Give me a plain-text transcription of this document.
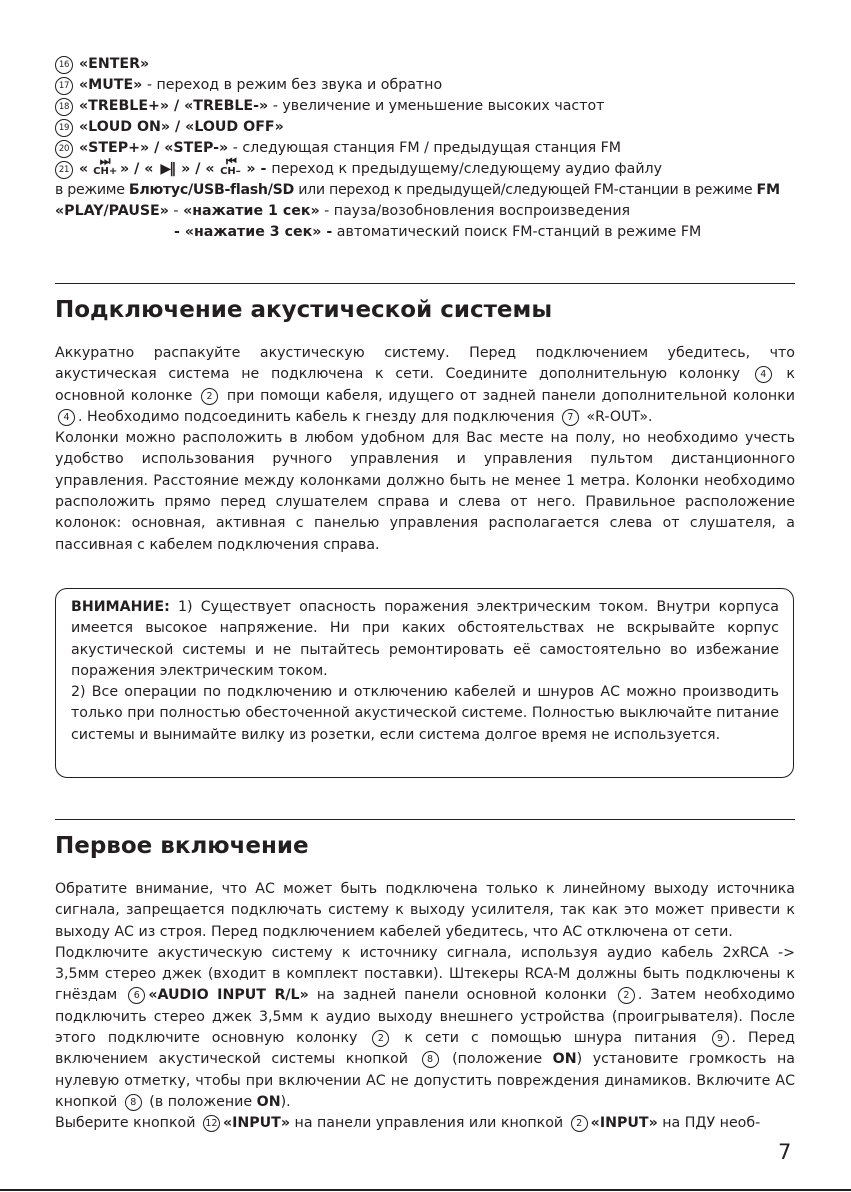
16 «ENTER»
17 «MUTE» - переход в режим без звука и обратно
18 «TREBLE+» / «TREBLE-» - увеличение и уменьшение высоких частот
19 «LOUD ON» / «LOUD OFF»
20 «STEP+» / «STEP-» - следующая станция FM / предыдущая станция FM
21 « ⏭
CH+
» / « ▶‖ » / « ⏮
CH– » - переход к предыдущему/следующему аудио файлу
в режиме Блютус/USB-flash/SD или переход к предыдущей/следующей FM-станции в режиме FM
«PLAY/PAUSE» - «нажатие 1 сек» - пауза/возобновления воспроизведения
- «нажатие 3 сек» - автоматический поиск FM-станций в режиме FM
Подключение акустической системы

Аккуратно распакуйте акустическую систему. Перед подключением убедитесь, что акустическая система не подключена к сети. Соедините дополнительную колонку 4 к основной колонке 2 при помощи кабеля, идущего от задней панели дополнительной колонки 4 . Необходимо подсоединить кабель к гнезду для подключения 7 «R-OUT».

Колонки можно расположить в любом удобном для Вас месте на полу, но необходимо учесть удобство использования ручного управления и управления пультом дистанционного управления. Расстояние между колонками должно быть не менее 1 метра. Колонки необходимо расположить прямо перед слушателем справа и слева от него. Правильное расположение колонок: основная, активная с панелью управления располагается слева от слушателя, а пассивная с кабелем подключения справа.

ВНИМАНИЕ: 1) Существует опасность поражения электрическим током. Внутри корпуса имеется высокое напряжение. Ни при каких обстоятельствах не вскрывайте корпус акустической системы и не пытайтесь ремонтировать её самостоятельно во избежание поражения электрическим током.

2) Все операции по подключению и отключению кабелей и шнуров АС можно производить только при полностью обесточенной акустической системе. Полностью выключайте питание системы и вынимайте вилку из розетки, если система долгое время не используется.

Первое включение

Обратите внимание, что АС может быть подключена только к линейному выходу источника сигнала, запрещается подключать систему к выходу усилителя, так как это может привести к выходу АС из строя. Перед подключением кабелей убедитесь, что АС отключена от сети.

Подключите акустическую систему к источнику сигнала, используя аудио кабель 2xRCA -> 3,5мм стерео джек (входит в комплект поставки). Штекеры RCA-M должны быть подключены к гнёздам 6 «AUDIO INPUT R/L» на задней панели основной колонки 2 . Затем необходимо подключить стерео джек 3,5мм к аудио выходу внешнего устройства (проигрывателя). После этого подключите основную колонку 2 к сети с помощью шнура питания 9 . Перед включением акустической системы кнопкой 8 (положение ON) установите громкость на нулевую отметку, чтобы при включении АС не допустить повреждения динамиков. Включите АС кнопкой 8 (в положение ON).

Выберите кнопкой 12 «INPUT» на панели управления или кнопкой 2 «INPUT» на ПДУ необ-

7
